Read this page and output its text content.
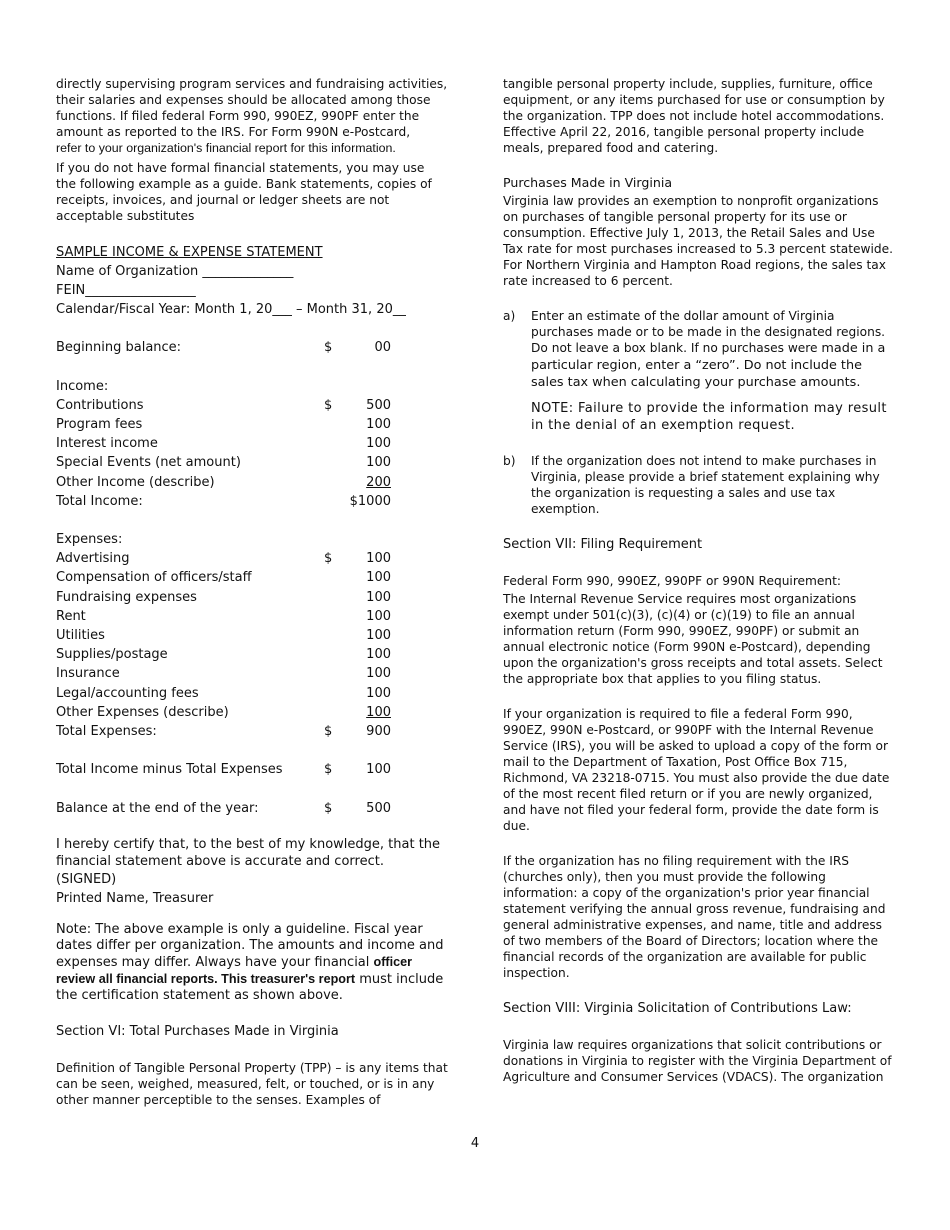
directly supervising program services and fundraising activities, their salaries and expenses should be allocated among those functions. If filed federal Form 990, 990EZ, 990PF enter the amount as reported to the IRS. For Form 990N e-Postcard,
refer to your organization's financial report for this information.

If you do not have formal financial statements, you may use the following example as a guide. Bank statements, copies of receipts, invoices, and journal or ledger sheets are not acceptable substitutes

SAMPLE INCOME & EXPENSE STATEMENT

Name of Organization ______________

FEIN_________________

Calendar/Fiscal Year: Month 1, 20___ – Month 31, 20__

Beginning balance:	$	00
Income:
Contributions	$	500
Program fees	100
Interest income	100
Special Events (net amount)	100
Other Income (describe)	200
Total Income:	$1000
Expenses:
Advertising	$	100
Compensation of officers/staff	100
Fundraising expenses	100
Rent	100
Utilities	100
Supplies/postage	100
Insurance	100
Legal/accounting fees	100
Other Expenses (describe)	100
Total Expenses:	$	900
Total Income minus Total Expenses	$	100
Balance at the end of the year:	$	500

I hereby certify that, to the best of my knowledge, that the financial statement above is accurate and correct.

(SIGNED)

Printed Name, Treasurer

Note: The above example is only a guideline. Fiscal year dates differ per organization. The amounts and income and expenses may differ. Always have your financial officer review all financial reports. This treasurer's report must include the certification statement as shown above.

Section VI: Total Purchases Made in Virginia

Definition of Tangible Personal Property (TPP) – is any items that can be seen, weighed, measured, felt, or touched, or is in any other manner perceptible to the senses. Examples of

tangible personal property include, supplies, furniture, office equipment, or any items purchased for use or consumption by the organization. TPP does not include hotel accommodations. Effective April 22, 2016, tangible personal property include meals, prepared food and catering.

Purchases Made in Virginia

Virginia law provides an exemption to nonprofit organizations on purchases of tangible personal property for its use or consumption. Effective July 1, 2013, the Retail Sales and Use Tax rate for most purchases increased to 5.3 percent statewide. For Northern Virginia and Hampton Road regions, the sales tax rate increased to 6 percent.

a) Enter an estimate of the dollar amount of Virginia purchases made or to be made in the designated regions. Do not leave a box blank. If no purchases were made in a particular region, enter a “zero”. Do not include the sales tax when calculating your purchase amounts.

NOTE: Failure to provide the information may result in the denial of an exemption request.

b) If the organization does not intend to make purchases in Virginia, please provide a brief statement explaining why the organization is requesting a sales and use tax exemption.

Section VII: Filing Requirement

Federal Form 990, 990EZ, 990PF or 990N Requirement:

The Internal Revenue Service requires most organizations exempt under 501(c)(3), (c)(4) or (c)(19) to file an annual information return (Form 990, 990EZ, 990PF) or submit an annual electronic notice (Form 990N e-Postcard), depending upon the organization's gross receipts and total assets. Select the appropriate box that applies to you filing status.

If your organization is required to file a federal Form 990, 990EZ, 990N e-Postcard, or 990PF with the Internal Revenue Service (IRS), you will be asked to upload a copy of the form or mail to the Department of Taxation, Post Office Box 715, Richmond, VA 23218-0715. You must also provide the due date of the most recent filed return or if you are newly organized, and have not filed your federal form, provide the date form is due.

If the organization has no filing requirement with the IRS (churches only), then you must provide the following information: a copy of the organization's prior year financial statement verifying the annual gross revenue, fundraising and general administrative expenses, and name, title and address of two members of the Board of Directors; location where the financial records of the organization are available for public inspection.

Section VIII: Virginia Solicitation of Contributions Law:

Virginia law requires organizations that solicit contributions or donations in Virginia to register with the Virginia Department of Agriculture and Consumer Services (VDACS). The organization

4
